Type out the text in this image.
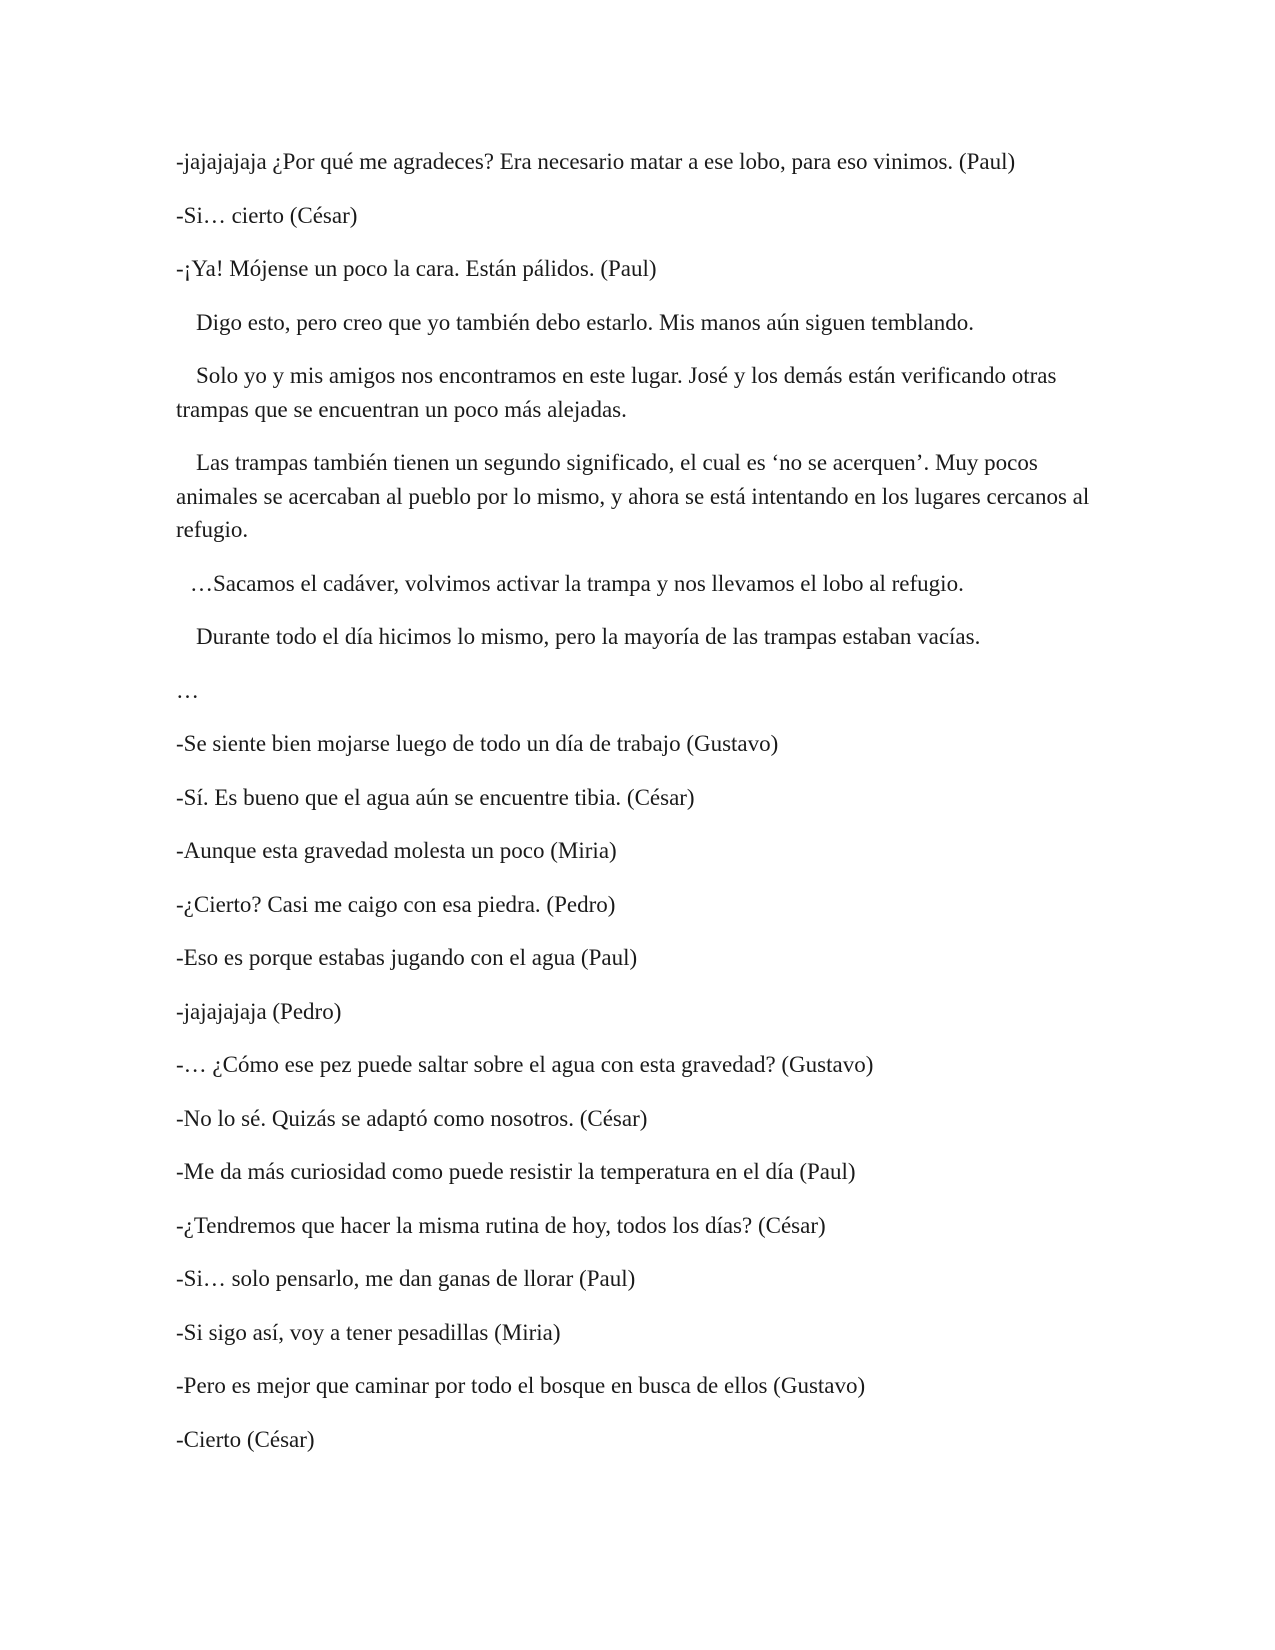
-jajajajaja ¿Por qué me agradeces? Era necesario matar a ese lobo, para eso vinimos. (Paul)

-Si… cierto (César)

-¡Ya! Mójense un poco la cara. Están pálidos. (Paul)

Digo esto, pero creo que yo también debo estarlo. Mis manos aún siguen temblando.

Solo yo y mis amigos nos encontramos en este lugar. José y los demás están verificando otras trampas que se encuentran un poco más alejadas.

Las trampas también tienen un segundo significado, el cual es ‘no se acerquen’. Muy pocos animales se acercaban al pueblo por lo mismo, y ahora se está intentando en los lugares cercanos al refugio.

…Sacamos el cadáver, volvimos activar la trampa y nos llevamos el lobo al refugio.

Durante todo el día hicimos lo mismo, pero la mayoría de las trampas estaban vacías.

…

-Se siente bien mojarse luego de todo un día de trabajo (Gustavo)

-Sí. Es bueno que el agua aún se encuentre tibia. (César)

-Aunque esta gravedad molesta un poco (Miria)

-¿Cierto? Casi me caigo con esa piedra. (Pedro)

-Eso es porque estabas jugando con el agua (Paul)

-jajajajaja (Pedro)

-… ¿Cómo ese pez puede saltar sobre el agua con esta gravedad? (Gustavo)

-No lo sé. Quizás se adaptó como nosotros. (César)

-Me da más curiosidad como puede resistir la temperatura en el día (Paul)

-¿Tendremos que hacer la misma rutina de hoy, todos los días? (César)

-Si… solo pensarlo, me dan ganas de llorar (Paul)

-Si sigo así, voy a tener pesadillas (Miria)

-Pero es mejor que caminar por todo el bosque en busca de ellos (Gustavo)

-Cierto (César)
